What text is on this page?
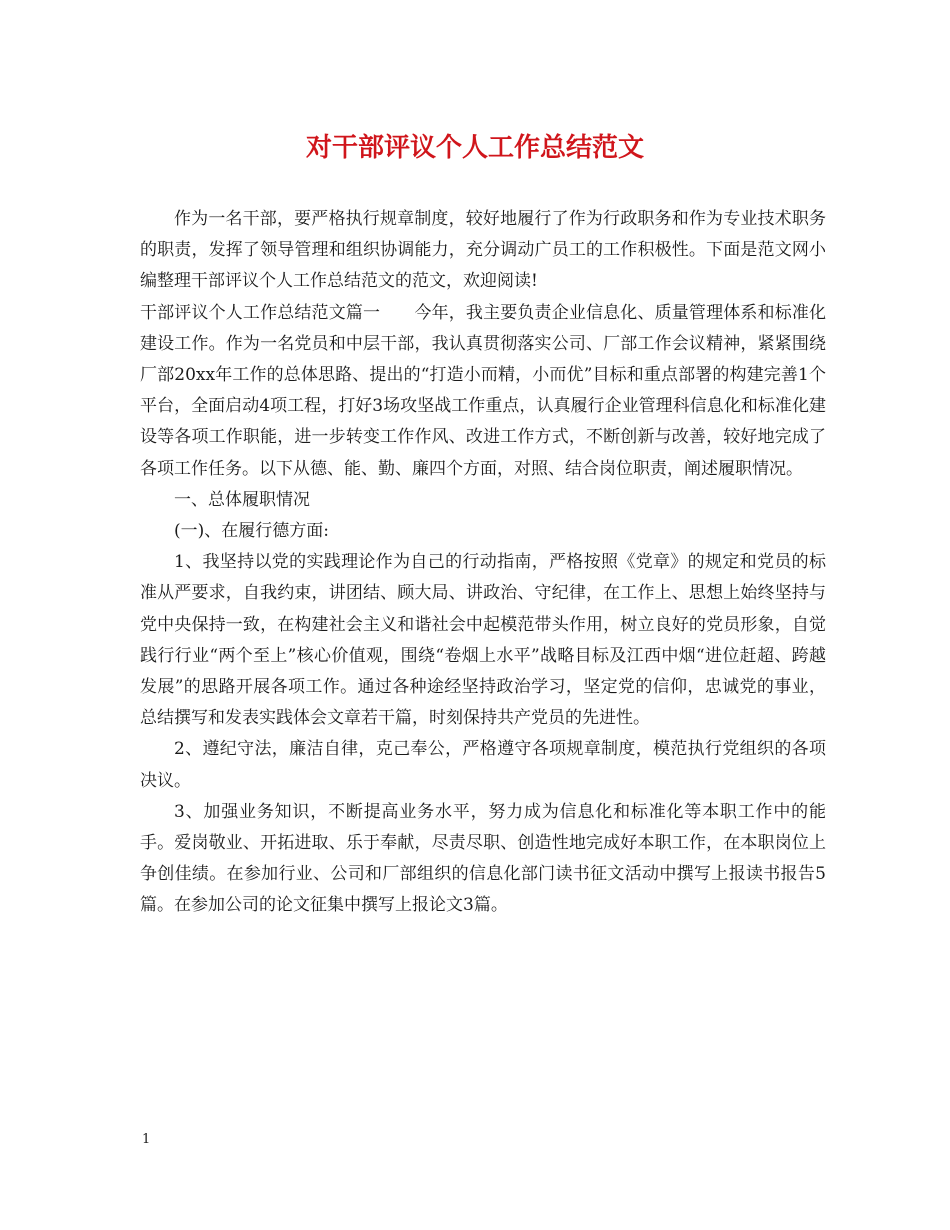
对干部评议个人工作总结范文

作为一名干部，要严格执行规章制度，较好地履行了作为行政职务和作为专业技术职务的职责，发挥了领导管理和组织协调能力，充分调动广员工的工作积极性。下面是范文网小编整理干部评议个人工作总结范文的范文，欢迎阅读!

干部评议个人工作总结范文篇一　　今年，我主要负责企业信息化、质量管理体系和标准化建设工作。作为一名党员和中层干部，我认真贯彻落实公司、厂部工作会议精神，紧紧围绕厂部20xx年工作的总体思路、提出的“打造小而精，小而优”目标和重点部署的构建完善1个平台，全面启动4项工程，打好3场攻坚战工作重点，认真履行企业管理科信息化和标准化建设等各项工作职能，进一步转变工作作风、改进工作方式，不断创新与改善，较好地完成了各项工作任务。以下从德、能、勤、廉四个方面，对照、结合岗位职责，阐述履职情况。

一、总体履职情况

(一)、在履行德方面:

1、我坚持以党的实践理论作为自己的行动指南，严格按照《党章》的规定和党员的标准从严要求，自我约束，讲团结、顾大局、讲政治、守纪律，在工作上、思想上始终坚持与党中央保持一致，在构建社会主义和谐社会中起模范带头作用，树立良好的党员形象，自觉践行行业“两个至上”核心价值观，围绕“卷烟上水平”战略目标及江西中烟“进位赶超、跨越发展”的思路开展各项工作。通过各种途经坚持政治学习，坚定党的信仰，忠诚党的事业，总结撰写和发表实践体会文章若干篇，时刻保持共产党员的先进性。

2、遵纪守法，廉洁自律，克己奉公，严格遵守各项规章制度，模范执行党组织的各项决议。

3、加强业务知识，不断提高业务水平，努力成为信息化和标准化等本职工作中的能手。爱岗敬业、开拓进取、乐于奉献，尽责尽职、创造性地完成好本职工作，在本职岗位上争创佳绩。在参加行业、公司和厂部组织的信息化部门读书征文活动中撰写上报读书报告5篇。在参加公司的论文征集中撰写上报论文3篇。

1
